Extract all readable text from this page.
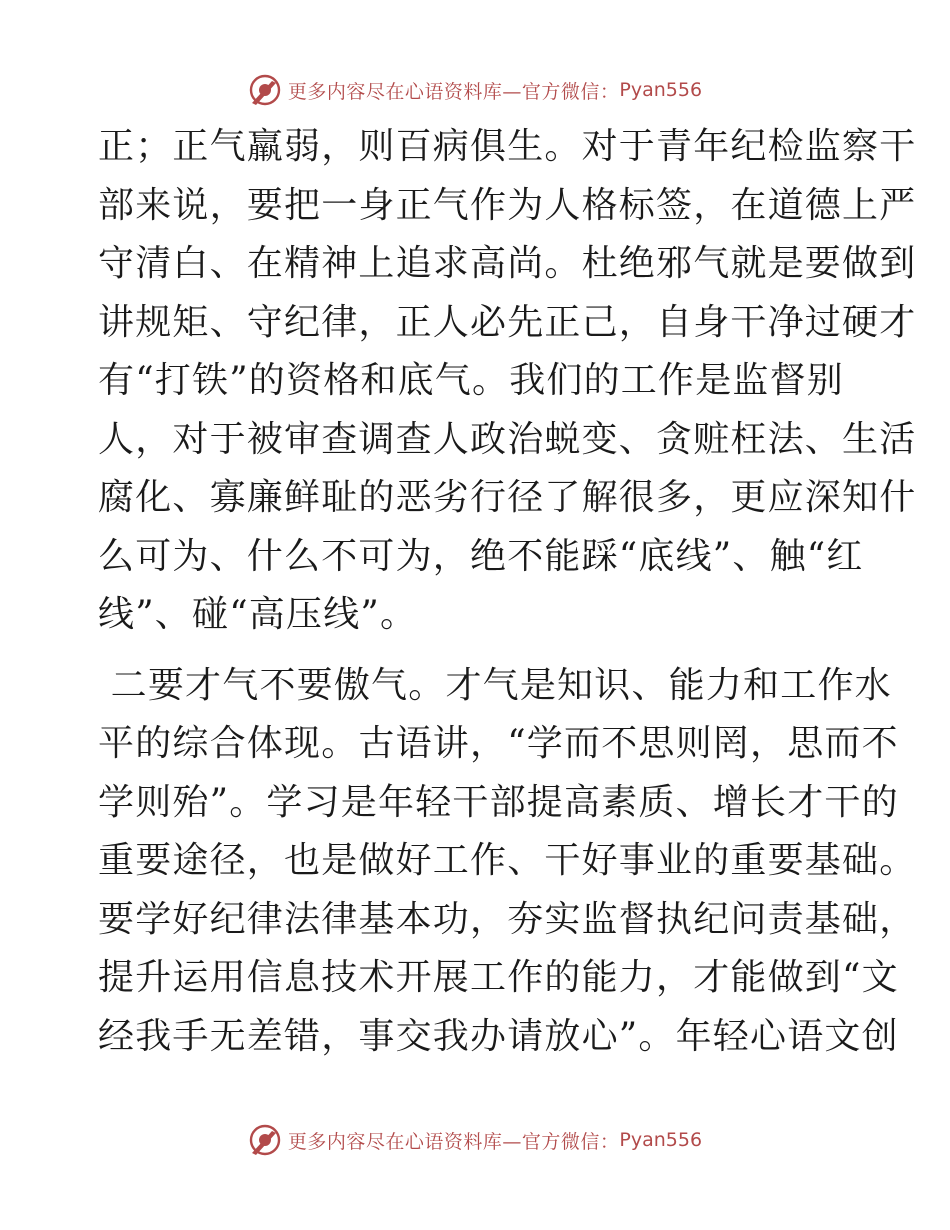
更多内容尽在心语资料库—官方微信： Pyan556
正；正气羸弱，则百病俱生。对于青年纪检监察干
部来说，要把一身正气作为人格标签，在道德上严
守清白、在精神上追求高尚。杜绝邪气就是要做到
讲规矩、守纪律，正人必先正己，自身干净过硬才
有“打铁”的资格和底气。我们的工作是监督别
人，对于被审查调查人政治蜕变、贪赃枉法、生活
腐化、寡廉鲜耻的恶劣行径了解很多，更应深知什
么可为、什么不可为，绝不能踩“底线”、触“红
线”、碰“高压线”。
二要才气不要傲气。才气是知识、能力和工作水
平的综合体现。古语讲，“学而不思则罔，思而不
学则殆”。学习是年轻干部提高素质、增长才干的
重要途径，也是做好工作、干好事业的重要基础。
要学好纪律法律基本功，夯实监督执纪问责基础，
提升运用信息技术开展工作的能力，才能做到“文
经我手无差错，事交我办请放心”。年轻心语文创
更多内容尽在心语资料库—官方微信： Pyan556
